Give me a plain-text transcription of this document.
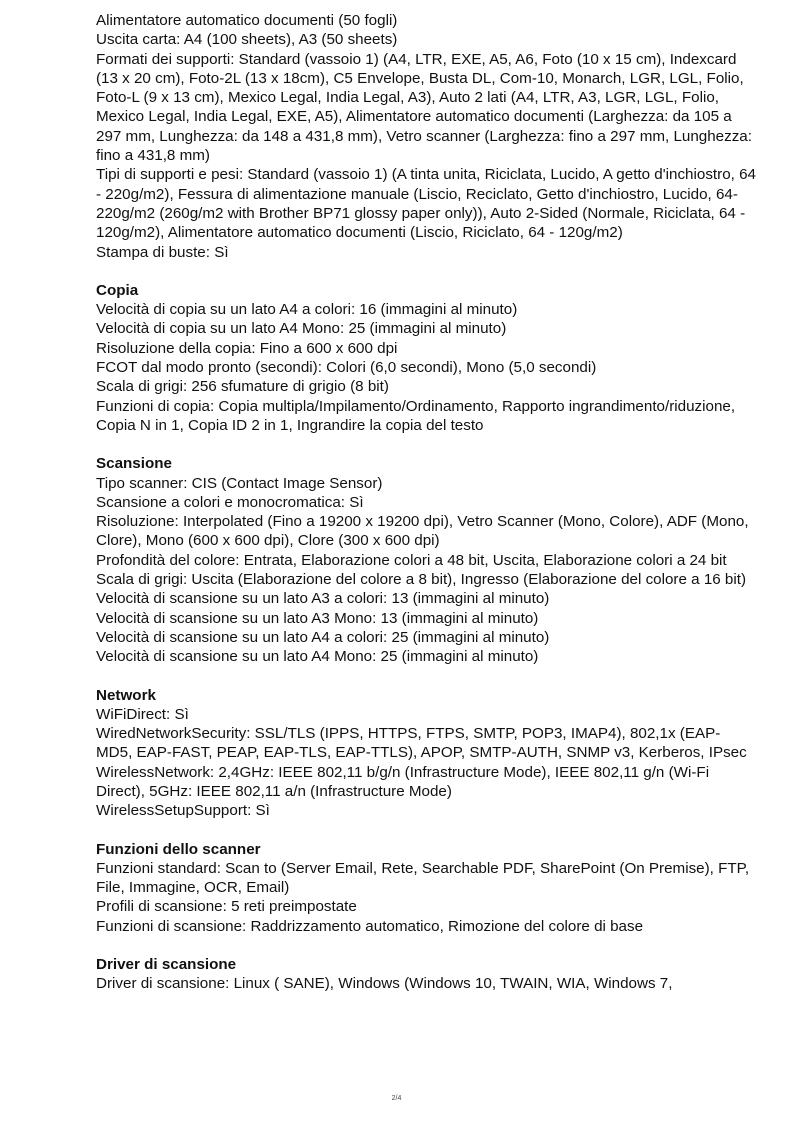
Alimentatore automatico documenti (50 fogli)

Uscita carta: A4 (100 sheets), A3 (50 sheets)

Formati dei supporti: Standard (vassoio 1) (A4, LTR, EXE, A5, A6, Foto (10 x 15 cm), Indexcard (13 x 20 cm), Foto-2L (13 x 18cm), C5 Envelope, Busta DL, Com-10, Monarch, LGR, LGL, Folio, Foto-L (9 x 13 cm), Mexico Legal, India Legal, A3), Auto 2 lati (A4, LTR, A3, LGR, LGL, Folio, Mexico Legal, India Legal, EXE, A5), Alimentatore automatico documenti (Larghezza: da 105 a 297 mm, Lunghezza: da 148 a 431,8 mm), Vetro scanner (Larghezza: fino a 297 mm, Lunghezza: fino a 431,8 mm)

Tipi di supporti e pesi: Standard (vassoio 1) (A tinta unita, Riciclata, Lucido, A getto d'inchiostro, 64 - 220g/m2), Fessura di alimentazione manuale (Liscio, Reciclato, Getto d'inchiostro, Lucido, 64-220g/m2 (260g/m2 with Brother BP71 glossy paper only)), Auto 2-Sided (Normale, Riciclata, 64 - 120g/m2), Alimentatore automatico documenti (Liscio, Riciclato, 64 - 120g/m2)

Stampa di buste: Sì

Copia

Velocità di copia su un lato A4 a colori: 16 (immagini al minuto)

Velocità di copia su un lato A4 Mono: 25 (immagini al minuto)

Risoluzione della copia: Fino a 600 x 600 dpi

FCOT dal modo pronto (secondi): Colori (6,0 secondi), Mono (5,0 secondi)

Scala di grigi: 256 sfumature di grigio (8 bit)

Funzioni di copia: Copia multipla/Impilamento/Ordinamento, Rapporto ingrandimento/riduzione, Copia N in 1, Copia ID 2 in 1, Ingrandire la copia del testo

Scansione

Tipo scanner: CIS (Contact Image Sensor)

Scansione a colori e monocromatica: Sì

Risoluzione: Interpolated (Fino a 19200 x 19200 dpi), Vetro Scanner (Mono, Colore), ADF (Mono, Clore), Mono (600 x 600 dpi), Clore (300 x 600 dpi)

Profondità del colore: Entrata, Elaborazione colori a 48 bit, Uscita, Elaborazione colori a 24 bit

Scala di grigi: Uscita (Elaborazione del colore a 8 bit), Ingresso (Elaborazione del colore a 16 bit)

Velocità di scansione su un lato A3 a colori: 13 (immagini al minuto)

Velocità di scansione su un lato A3 Mono: 13 (immagini al minuto)

Velocità di scansione su un lato A4 a colori: 25 (immagini al minuto)

Velocità di scansione su un lato A4 Mono: 25 (immagini al minuto)

Network

WiFiDirect: Sì

WiredNetworkSecurity: SSL/TLS (IPPS, HTTPS, FTPS, SMTP, POP3, IMAP4), 802,1x (EAP-MD5, EAP-FAST, PEAP, EAP-TLS, EAP-TTLS), APOP, SMTP-AUTH, SNMP v3, Kerberos, IPsec

WirelessNetwork: 2,4GHz: IEEE 802,11 b/g/n (Infrastructure Mode), IEEE 802,11 g/n (Wi-Fi Direct), 5GHz: IEEE 802,11 a/n (Infrastructure Mode)

WirelessSetupSupport: Sì

Funzioni dello scanner

Funzioni standard: Scan to (Server Email, Rete, Searchable PDF, SharePoint (On Premise), FTP, File, Immagine, OCR, Email)

Profili di scansione: 5 reti preimpostate

Funzioni di scansione: Raddrizzamento automatico, Rimozione del colore di base

Driver di scansione

Driver di scansione: Linux ( SANE), Windows (Windows 10, TWAIN, WIA, Windows 7,

2/4
